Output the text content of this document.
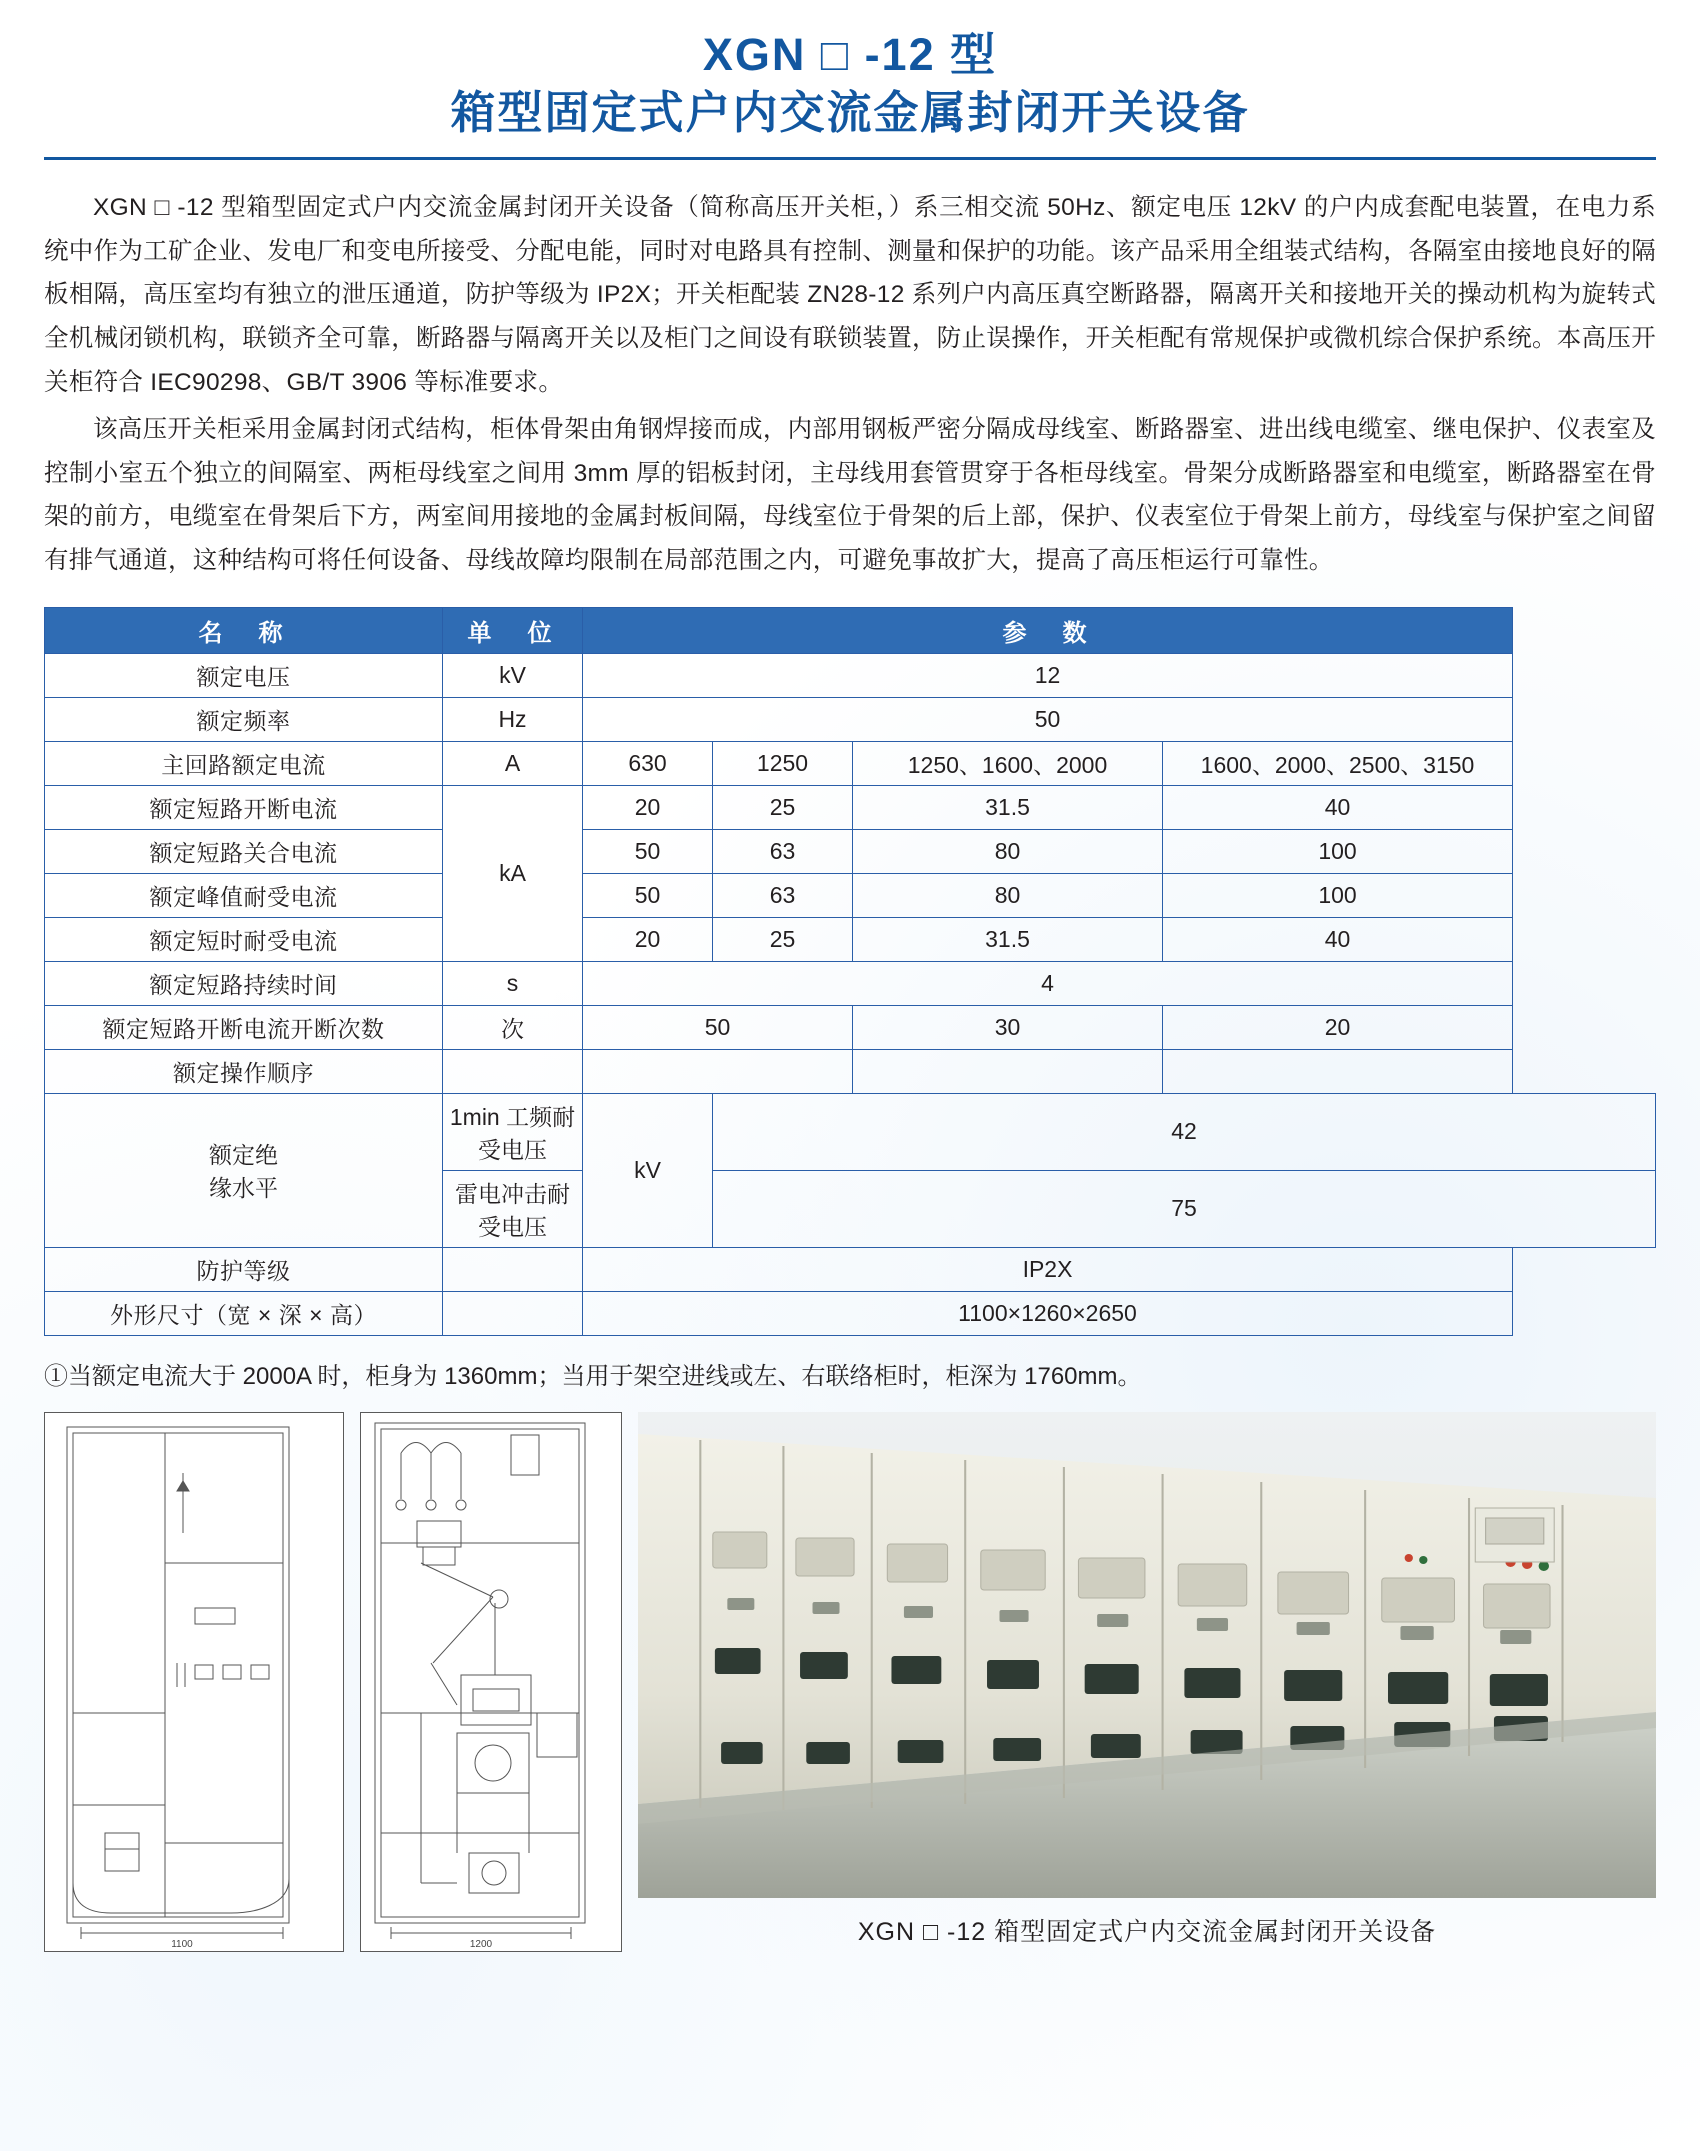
XGN □ -12 型
箱型固定式户内交流金属封闭开关设备

XGN □ -12 型箱型固定式户内交流金属封闭开关设备（简称高压开关柜，）系三相交流 50Hz、额定电压 12kV 的户内成套配电装置，在电力系统中作为工矿企业、发电厂和变电所接受、分配电能，同时对电路具有控制、测量和保护的功能。该产品采用全组装式结构，各隔室由接地良好的隔板相隔，高压室均有独立的泄压通道，防护等级为 IP2X；开关柜配装 ZN28-12 系列户内高压真空断路器，隔离开关和接地开关的操动机构为旋转式全机械闭锁机构，联锁齐全可靠，断路器与隔离开关以及柜门之间设有联锁装置，防止误操作，开关柜配有常规保护或微机综合保护系统。本高压开关柜符合 IEC90298、GB/T 3906 等标准要求。

该高压开关柜采用金属封闭式结构，柜体骨架由角钢焊接而成，内部用钢板严密分隔成母线室、断路器室、进出线电缆室、继电保护、仪表室及控制小室五个独立的间隔室、两柜母线室之间用 3mm 厚的铝板封闭，主母线用套管贯穿于各柜母线室。骨架分成断路器室和电缆室，断路器室在骨架的前方，电缆室在骨架后下方，两室间用接地的金属封板间隔，母线室位于骨架的后上部，保护、仪表室位于骨架上前方，母线室与保护室之间留有排气通道，这种结构可将任何设备、母线故障均限制在局部范围之内，可避免事故扩大，提高了高压柜运行可靠性。

名　称	单　位	参　数			
额定电压	kV	12			
额定频率	Hz	50			
主回路额定电流	A	630	1250	1250、1600、2000	1600、2000、2500、3150
额定短路开断电流	kA	20	25	31.5	40
额定短路关合电流		50	63	80	100
额定峰值耐受电流		50	63	80	100
额定短时耐受电流		20	25	31.5	40
额定短路持续时间	s	4			
额定短路开断电流开断次数	次	50		30	20
额定操作顺序					

额定绝
缘水平	1min 工频耐受电压	kV	42		
	雷电冲击耐受电压		75		
防护等级		IP2X			
外形尺寸（宽 × 深 × 高）		1100×1260×2650			
①当额定电流大于 2000A 时，柜身为 1360mm；当用于架空进线或左、右联络柜时，柜深为 1760mm。
1100	1200	XGN □ -12 箱型固定式户内交流金属封闭开关设备
